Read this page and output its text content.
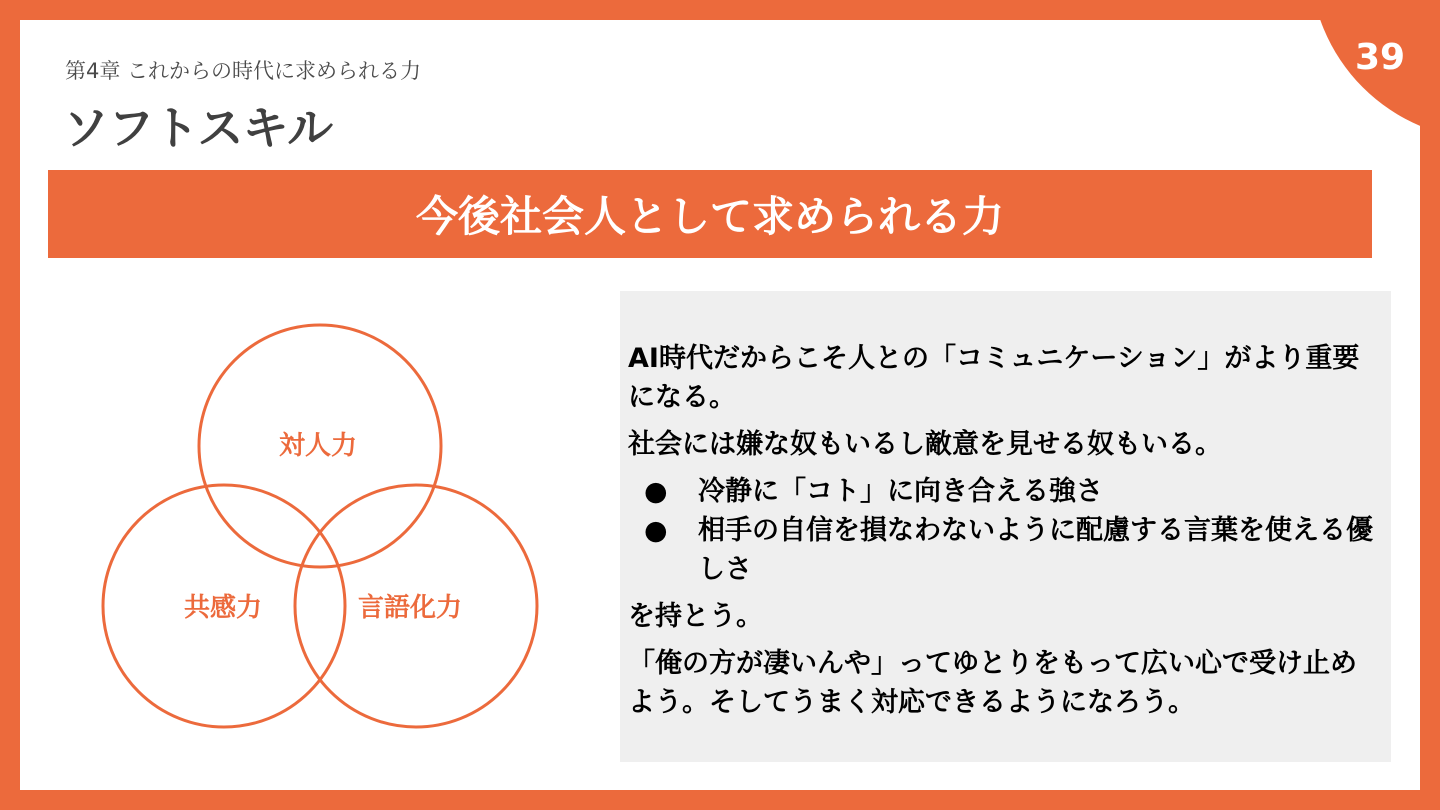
39
第4章 これからの時代に求められる力
ソフトスキル
今後社会人として求められる力
対人力
共感力	言語化力

AI時代だからこそ人との「コミュニケーション」がより重要になる。

社会には嫌な奴もいるし敵意を見せる奴もいる。

● 冷静に「コト」に向き合える強さ
● 相手の自信を損なわないように配慮する言葉を使える優しさ

を持とう。

「俺の方が凄いんや」ってゆとりをもって広い心で受け止めよう。そしてうまく対応できるようになろう。
